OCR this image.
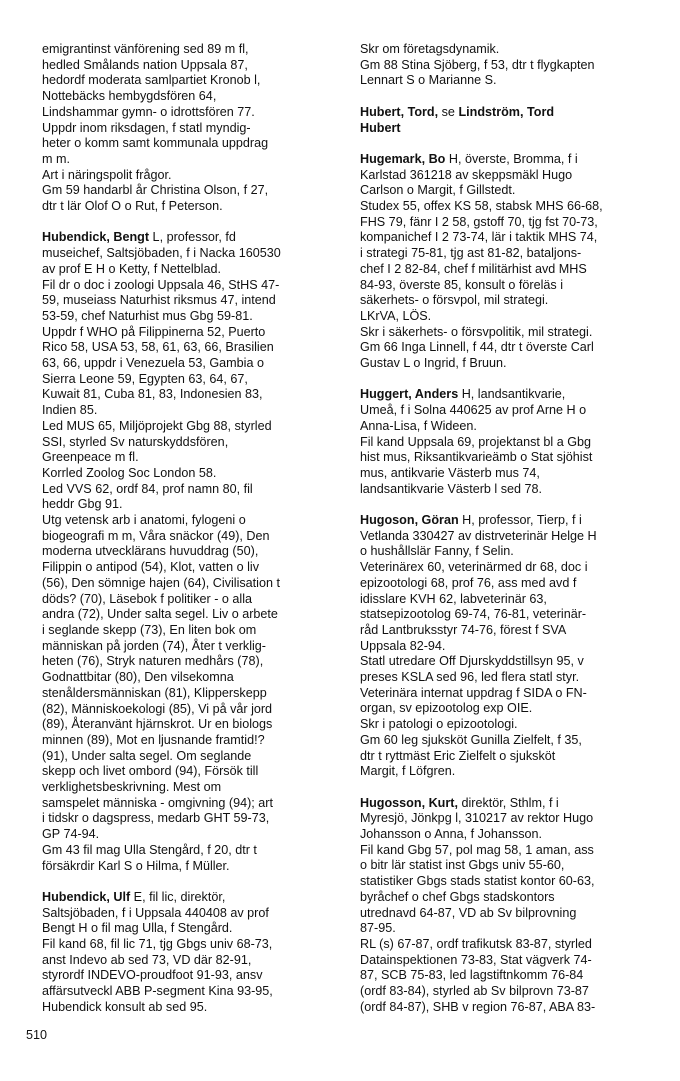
emigrantinst vänförening sed 89 m fl,
hedled Smålands nation Uppsala 87,
hedordf moderata samlpartiet Kronob l,
Nottebäcks hembygdsfören 64,
Lindshammar gymn- o idrottsfören 77.
Uppdr inom riksdagen, f statl myndig-
heter o komm samt kommunala uppdrag
m m.
Art i näringspolit frågor.
Gm 59 handarbl år Christina Olson, f 27,
dtr t lär Olof O o Rut, f Peterson.
Hubendick, Bengt L, professor, fd
museichef, Saltsjöbaden, f i Nacka 160530
av prof E H o Ketty, f Nettelblad.
Fil dr o doc i zoologi Uppsala 46, StHS 47-
59, museiass Naturhist riksmus 47, intend
53-59, chef Naturhist mus Gbg 59-81.
Uppdr f WHO på Filippinerna 52, Puerto
Rico 58, USA 53, 58, 61, 63, 66, Brasilien
63, 66, uppdr i Venezuela 53, Gambia o
Sierra Leone 59, Egypten 63, 64, 67,
Kuwait 81, Cuba 81, 83, Indonesien 83,
Indien 85.
Led MUS 65, Miljöprojekt Gbg 88, styrled
SSI, styrled Sv naturskyddsfören,
Greenpeace m fl.
Korrled Zoolog Soc London 58.
Led VVS 62, ordf 84, prof namn 80, fil
heddr Gbg 91.
Utg vetensk arb i anatomi, fylogeni o
biogeografi m m, Våra snäckor (49), Den
moderna utvecklärans huvuddrag (50),
Filippin o antipod (54), Klot, vatten o liv
(56), Den sömnige hajen (64), Civilisation t
döds? (70), Läsebok f politiker - o alla
andra (72), Under salta segel. Liv o arbete
i seglande skepp (73), En liten bok om
människan på jorden (74), Åter t verklig-
heten (76), Stryk naturen medhårs (78),
Godnattbitar (80), Den vilsekomna
stenåldersmänniskan (81), Klipperskepp
(82), Människoekologi (85), Vi på vår jord
(89), Återanvänt hjärnskrot. Ur en biologs
minnen (89), Mot en ljusnande framtid!?
(91), Under salta segel. Om seglande
skepp och livet ombord (94), Försök till
verklighetsbeskrivning. Mest om
samspelet människa - omgivning (94); art
i tidskr o dagspress, medarb GHT 59-73,
GP 74-94.
Gm 43 fil mag Ulla Stengård, f 20, dtr t
försäkrdir Karl S o Hilma, f Müller.
Hubendick, Ulf E, fil lic, direktör,
Saltsjöbaden, f i Uppsala 440408 av prof
Bengt H o fil mag Ulla, f Stengård.
Fil kand 68, fil lic 71, tjg Gbgs univ 68-73,
anst Indevo ab sed 73, VD där 82-91,
styrordf INDEVO-proudfoot 91-93, ansv
affärsutveckl ABB P-segment Kina 93-95,
Hubendick konsult ab sed 95.
Skr om företagsdynamik.
Gm 88 Stina Sjöberg, f 53, dtr t flygkapten
Lennart S o Marianne S.
Hubert, Tord, se Lindström, Tord
Hubert
Hugemark, Bo H, överste, Bromma, f i
Karlstad 361218 av skeppsmäkl Hugo
Carlson o Margit, f Gillstedt.
Studex 55, offex KS 58, stabsk MHS 66-68,
FHS 79, fänr I 2 58, gstoff 70, tjg fst 70-73,
kompanichef I 2 73-74, lär i taktik MHS 74,
i strategi 75-81, tjg ast 81-82, bataljons-
chef I 2 82-84, chef f militärhist avd MHS
84-93, överste 85, konsult o föreläs i
säkerhets- o försvpol, mil strategi.
LKrVA, LÖS.
Skr i säkerhets- o försvpolitik, mil strategi.
Gm 66 Inga Linnell, f 44, dtr t överste Carl
Gustav L o Ingrid, f Bruun.
Huggert, Anders H, landsantikvarie,
Umeå, f i Solna 440625 av prof Arne H o
Anna-Lisa, f Wideen.
Fil kand Uppsala 69, projektanst bl a Gbg
hist mus, Riksantikvarieämb o Stat sjöhist
mus, antikvarie Västerb mus 74,
landsantikvarie Västerb l sed 78.
Hugoson, Göran H, professor, Tierp, f i
Vetlanda 330427 av distrveterinär Helge H
o hushållslär Fanny, f Selin.
Veterinärex 60, veterinärmed dr 68, doc i
epizootologi 68, prof 76, ass med avd f
idisslare KVH 62, labveterinär 63,
statsepizootolog 69-74, 76-81, veterinär-
råd Lantbruksstyr 74-76, förest f SVA
Uppsala 82-94.
Statl utredare Off Djurskyddstillsyn 95, v
preses KSLA sed 96, led flera statl styr.
Veterinära internat uppdrag f SIDA o FN-
organ, sv epizootolog exp OIE.
Skr i patologi o epizootologi.
Gm 60 leg sjuksköt Gunilla Zielfelt, f 35,
dtr t ryttmäst Eric Zielfelt o sjuksköt
Margit, f Löfgren.
Hugosson, Kurt, direktör, Sthlm, f i
Myresjö, Jönkpg l, 310217 av rektor Hugo
Johansson o Anna, f Johansson.
Fil kand Gbg 57, pol mag 58, 1 aman, ass
o bitr lär statist inst Gbgs univ 55-60,
statistiker Gbgs stads statist kontor 60-63,
byråchef o chef Gbgs stadskontors
utrednavd 64-87, VD ab Sv bilprovning
87-95.
RL (s) 67-87, ordf trafikutsk 83-87, styrled
Datainspektionen 73-83, Stat vägverk 74-
87, SCB 75-83, led lagstiftnkomm 76-84
(ordf 83-84), styrled ab Sv bilprovn 73-87
(ordf 84-87), SHB v region 76-87, ABA 83-
510
